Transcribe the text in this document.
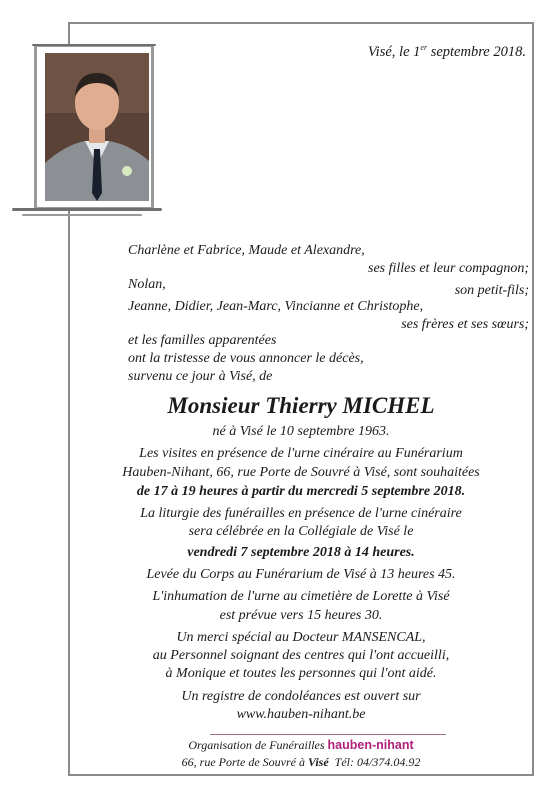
Visé, le 1er septembre 2018.
Charlène et Fabrice, Maude et Alexandre,
ses filles et leur compagnon;
Nolan,	son petit-fils;
Jeanne, Didier, Jean-Marc, Vincianne et Christophe,
ses frères et ses sœurs;
et les familles apparentées
ont la tristesse de vous annoncer le décès,
survenu ce jour à Visé, de
Monsieur Thierry MICHEL
né à Visé le 10 septembre 1963.
Les visites en présence de l'urne cinéraire au Funérarium
Hauben-Nihant, 66, rue Porte de Souvré à Visé, sont souhaitées
de 17 à 19 heures à partir du mercredi 5 septembre 2018.
La liturgie des funérailles en présence de l'urne cinéraire
sera célébrée en la Collégiale de Visé le
vendredi 7 septembre 2018 à 14 heures.
Levée du Corps au Funérarium de Visé à 13 heures 45.
L'inhumation de l'urne au cimetière de Lorette à Visé
est prévue vers 15 heures 30.
Un merci spécial au Docteur MANSENCAL,
au Personnel soignant des centres qui l'ont accueilli,
à Monique et toutes les personnes qui l'ont aidé.
Un registre de condoléances est ouvert sur
www.hauben-nihant.be
Organisation de Funérailles hauben-nihant
66, rue Porte de Souvré à Visé Tél: 04/374.04.92
